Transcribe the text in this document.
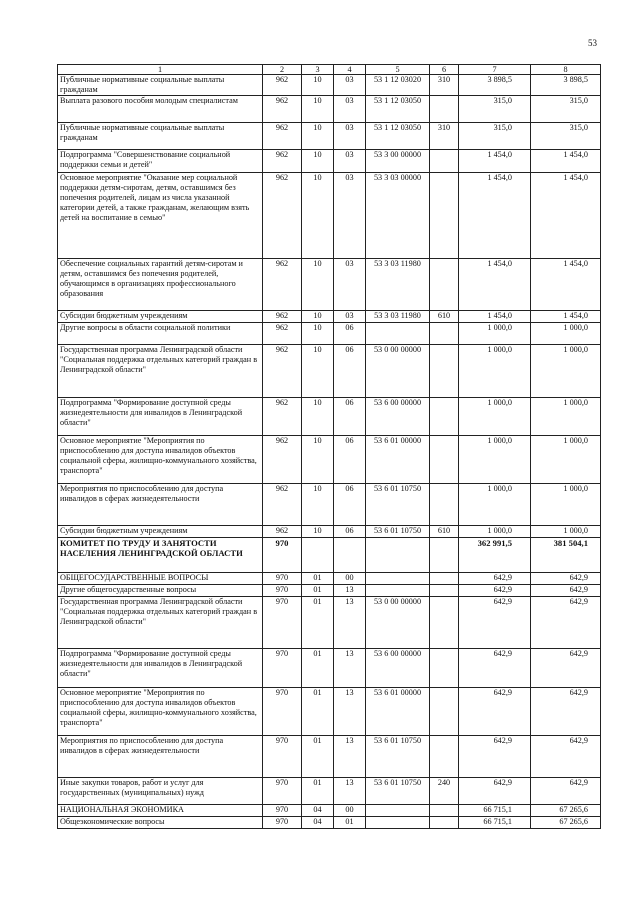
53
1	2	3	4	5	6	7	8
Публичные нормативные социальные выплаты гражданам	962	10	03	53 1 12 03020	310	3 898,5	3 898,5
Выплата разового пособия молодым специалистам	962	10	03	53 1 12 03050		315,0	315,0
Публичные нормативные социальные выплаты гражданам	962	10	03	53 1 12 03050	310	315,0	315,0
Подпрограмма "Совершенствование социальной поддержки семьи и детей"	962	10	03	53 3 00 00000		1 454,0	1 454,0
Основное мероприятие "Оказание мер социальной поддержки детям-сиротам, детям, оставшимся без попечения родителей, лицам из числа указанной категории детей, а также гражданам, желающим взять детей на воспитание в семью"	962	10	03	53 3 03 00000		1 454,0	1 454,0
Обеспечение социальных гарантий детям-сиротам и детям, оставшимся без попечения родителей, обучающимся в организациях профессионального образования	962	10	03	53 3 03 11980		1 454,0	1 454,0
Субсидии бюджетным учреждениям	962	10	03	53 3 03 11980	610	1 454,0	1 454,0
Другие вопросы в области социальной политики	962	10	06			1 000,0	1 000,0
Государственная программа Ленинградской области "Социальная поддержка отдельных категорий граждан в Ленинградской области"	962	10	06	53 0 00 00000		1 000,0	1 000,0
Подпрограмма "Формирование доступной среды жизнедеятельности для инвалидов в Ленинградской области"	962	10	06	53 6 00 00000		1 000,0	1 000,0
Основное мероприятие "Мероприятия по приспособлению для доступа инвалидов объектов социальной сферы, жилищно-коммунального хозяйства, транспорта"	962	10	06	53 6 01 00000		1 000,0	1 000,0
Мероприятия по приспособлению для доступа инвалидов в сферах жизнедеятельности	962	10	06	53 6 01 10750		1 000,0	1 000,0
Субсидии бюджетным учреждениям	962	10	06	53 6 01 10750	610	1 000,0	1 000,0
КОМИТЕТ ПО ТРУДУ И ЗАНЯТОСТИ НАСЕЛЕНИЯ ЛЕНИНГРАДСКОЙ ОБЛАСТИ	970					362 991,5	381 504,1
ОБЩЕГОСУДАРСТВЕННЫЕ ВОПРОСЫ	970	01	00			642,9	642,9
Другие общегосударственные вопросы	970	01	13			642,9	642,9
Государственная программа Ленинградской области "Социальная поддержка отдельных категорий граждан в Ленинградской области"	970	01	13	53 0 00 00000		642,9	642,9
Подпрограмма "Формирование доступной среды жизнедеятельности для инвалидов в Ленинградской области"	970	01	13	53 6 00 00000		642,9	642,9
Основное мероприятие "Мероприятия по приспособлению для доступа инвалидов объектов социальной сферы, жилищно-коммунального хозяйства, транспорта"	970	01	13	53 6 01 00000		642,9	642,9
Мероприятия по приспособлению для доступа инвалидов в сферах жизнедеятельности	970	01	13	53 6 01 10750		642,9	642,9
Иные закупки товаров, работ и услуг для государственных (муниципальных) нужд	970	01	13	53 6 01 10750	240	642,9	642,9
НАЦИОНАЛЬНАЯ ЭКОНОМИКА	970	04	00			66 715,1	67 265,6
Общеэкономические вопросы	970	04	01			66 715,1	67 265,6
